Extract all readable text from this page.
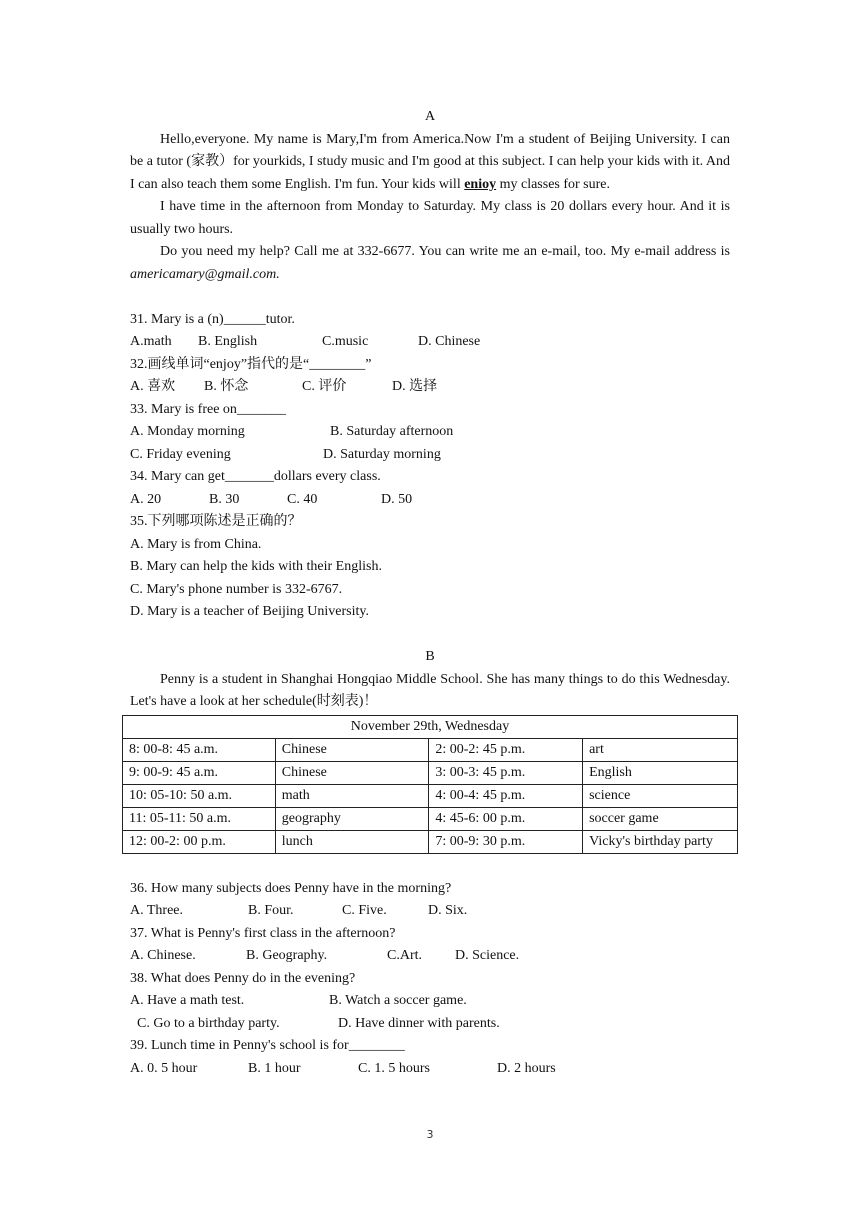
A

Hello,everyone. My name is Mary,I'm from America.Now I'm a student of Beijing University. I can be a tutor (家教）for yourkids, I study music and I'm good at this subject. I can help your kids with it. And I can also teach them some English. I'm fun. Your kids will enioy my classes for sure.

I have time in the afternoon from Monday to Saturday. My class is 20 dollars every hour. And it is usually two hours.

Do you need my help? Call me at 332-6677. You can write me an e-mail, too. My e-mail address is americamary@gmail.com.

31. Mary is a (n)______tutor.

A.math B. English	C.music	D. Chinese

32.画线单词“enjoy”指代的是“________”

A. 喜欢 B. 怀念	C. 评价	D. 选择

33. Mary is free on_______

A. Monday morning	B. Saturday afternoon

C. Friday evening	D. Saturday morning

34. Mary can get_______dollars every class.

A. 20	B. 30	C. 40	D. 50

35.下列哪项陈述是正确的？

A. Mary is from China.

B. Mary can help the kids with their English.

C. Mary's phone number is 332-6767.

D. Mary is a teacher of Beijing University.

B

Penny is a student in Shanghai Hongqiao Middle School. She has many things to do this Wednesday. Let's have a look at her schedule(时刻表)！

November 29th, Wednesday			
8: 00-8: 45 a.m.	Chinese	2: 00-2: 45 p.m.	art
9: 00-9: 45 a.m.	Chinese	3: 00-3: 45 p.m.	English
10: 05-10: 50 a.m.	math	4: 00-4: 45 p.m.	science
11: 05-11: 50 a.m.	geography	4: 45-6: 00 p.m.	soccer game
12: 00-2: 00 p.m.	lunch	7: 00-9: 30 p.m.	Vicky's birthday party

36. How many subjects does Penny have in the morning?

A. Three.	B. Four.	C. Five.	D. Six.

37. What is Penny's first class in the afternoon?

A. Chinese.	B. Geography.	C.Art. D. Science.

38. What does Penny do in the evening?

A. Have a math test.	B. Watch a soccer game.

C. Go to a birthday party.	D. Have dinner with parents.

39. Lunch time in Penny's school is for________

A. 0. 5 hour	B. 1 hour	C. 1. 5 hours	D. 2 hours

3
